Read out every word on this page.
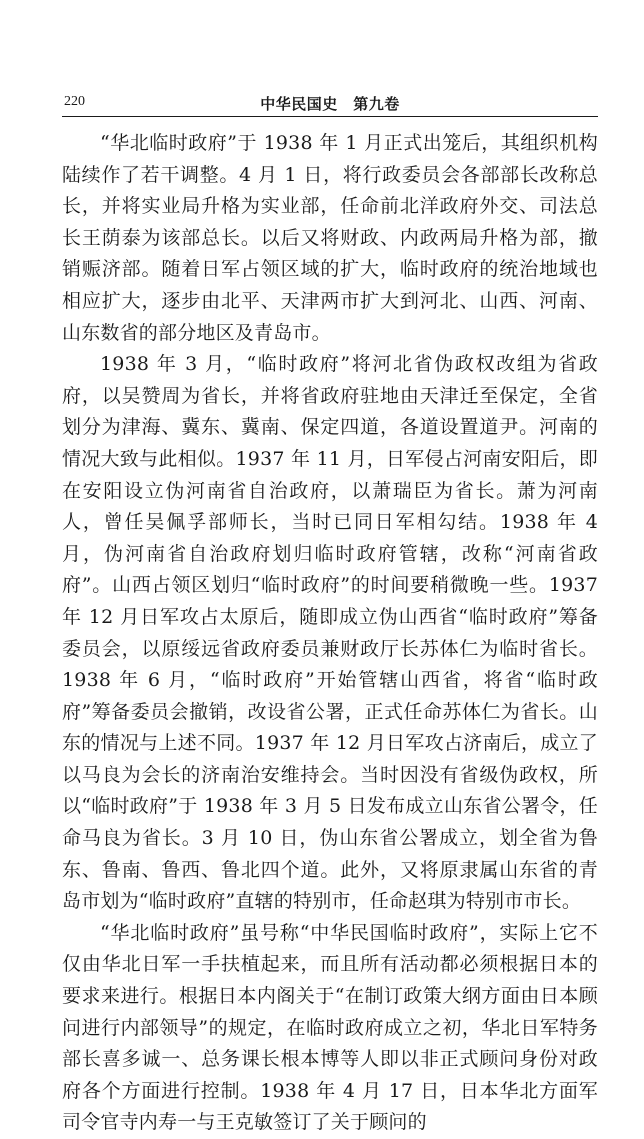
220	中华民国史　第九卷

“华北临时政府”于 1938 年 1 月正式出笼后，其组织机构陆续作了若干调整。4 月 1 日，将行政委员会各部部长改称总长，并将实业局升格为实业部，任命前北洋政府外交、司法总长王荫泰为该部总长。以后又将财政、内政两局升格为部，撤销赈济部。随着日军占领区域的扩大，临时政府的统治地域也相应扩大，逐步由北平、天津两市扩大到河北、山西、河南、山东数省的部分地区及青岛市。

1938 年 3 月，“临时政府”将河北省伪政权改组为省政府，以吴赞周为省长，并将省政府驻地由天津迁至保定，全省划分为津海、冀东、冀南、保定四道，各道设置道尹。河南的情况大致与此相似。1937 年 11 月，日军侵占河南安阳后，即在安阳设立伪河南省自治政府，以萧瑞臣为省长。萧为河南人，曾任吴佩孚部师长，当时已同日军相勾结。1938 年 4 月，伪河南省自治政府划归临时政府管辖，改称“河南省政府”。山西占领区划归“临时政府”的时间要稍微晚一些。1937 年 12 月日军攻占太原后，随即成立伪山西省“临时政府”筹备委员会，以原绥远省政府委员兼财政厅长苏体仁为临时省长。1938 年 6 月，“临时政府”开始管辖山西省，将省“临时政府”筹备委员会撤销，改设省公署，正式任命苏体仁为省长。山东的情况与上述不同。1937 年 12 月日军攻占济南后，成立了以马良为会长的济南治安维持会。当时因没有省级伪政权，所以“临时政府”于 1938 年 3 月 5 日发布成立山东省公署令，任命马良为省长。3 月 10 日，伪山东省公署成立，划全省为鲁东、鲁南、鲁西、鲁北四个道。此外，又将原隶属山东省的青岛市划为“临时政府”直辖的特别市，任命赵琪为特别市市长。

“华北临时政府”虽号称“中华民国临时政府”，实际上它不仅由华北日军一手扶植起来，而且所有活动都必须根据日本的要求来进行。根据日本内阁关于“在制订政策大纲方面由日本顾问进行内部领导”的规定，在临时政府成立之初，华北日军特务部长喜多诚一、总务课长根本博等人即以非正式顾问身份对政府各个方面进行控制。1938 年 4 月 17 日，日本华北方面军司令官寺内寿一与王克敏签订了关于顾问的
